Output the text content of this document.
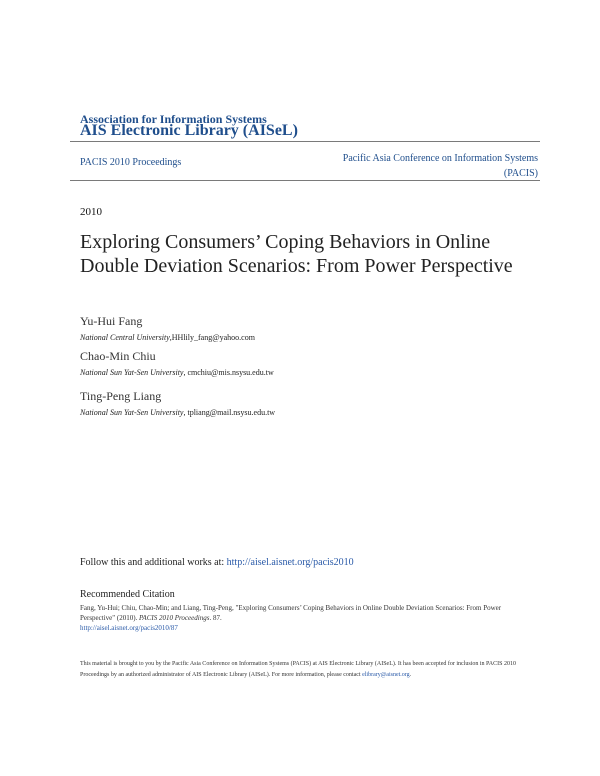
Association for Information Systems
AIS Electronic Library (AISeL)
PACIS 2010 Proceedings	Pacific Asia Conference on Information Systems (PACIS)
2010
Exploring Consumers’ Coping Behaviors in Online Double Deviation Scenarios: From Power Perspective
Yu-Hui Fang
National Central University,HHlily_fang@yahoo.com
Chao-Min Chiu
National Sun Yat-Sen University, cmchiu@mis.nsysu.edu.tw
Ting-Peng Liang
National Sun Yat-Sen University, tpliang@mail.nsysu.edu.tw
Follow this and additional works at: http://aisel.aisnet.org/pacis2010
Recommended Citation
Fang, Yu-Hui; Chiu, Chao-Min; and Liang, Ting-Peng, "Exploring Consumers’ Coping Behaviors in Online Double Deviation Scenarios: From Power Perspective" (2010). PACIS 2010 Proceedings. 87.
http://aisel.aisnet.org/pacis2010/87
This material is brought to you by the Pacific Asia Conference on Information Systems (PACIS) at AIS Electronic Library (AISeL). It has been accepted for inclusion in PACIS 2010 Proceedings by an authorized administrator of AIS Electronic Library (AISeL). For more information, please contact elibrary@aisnet.org.
